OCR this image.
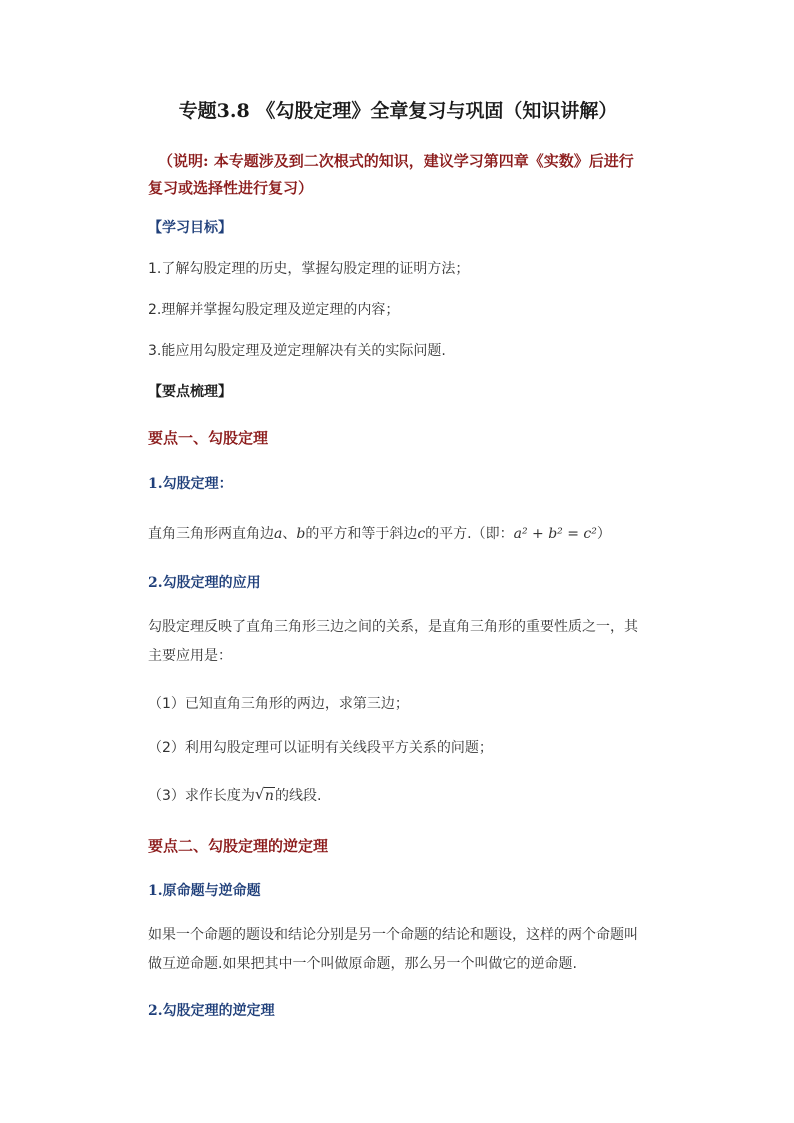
专题3.8 《勾股定理》全章复习与巩固（知识讲解）
（说明: 本专题涉及到二次根式的知识，建议学习第四章《实数》后进行复习或选择性进行复习）
【学习目标】
1.了解勾股定理的历史，掌握勾股定理的证明方法；
2.理解并掌握勾股定理及逆定理的内容；
3.能应用勾股定理及逆定理解决有关的实际问题.
【要点梳理】
要点一、勾股定理
1.勾股定理：
直角三角形两直角边a、b的平方和等于斜边c的平方.（即：a² + b² = c²）
2.勾股定理的应用
勾股定理反映了直角三角形三边之间的关系，是直角三角形的重要性质之一，其主要应用是：
（1）已知直角三角形的两边，求第三边；
（2）利用勾股定理可以证明有关线段平方关系的问题；
（3）求作长度为 √ n的线段.
要点二、勾股定理的逆定理
1.原命题与逆命题
如果一个命题的题设和结论分别是另一个命题的结论和题设，这样的两个命题叫做互逆命题.如果把其中一个叫做原命题，那么另一个叫做它的逆命题.
2.勾股定理的逆定理
